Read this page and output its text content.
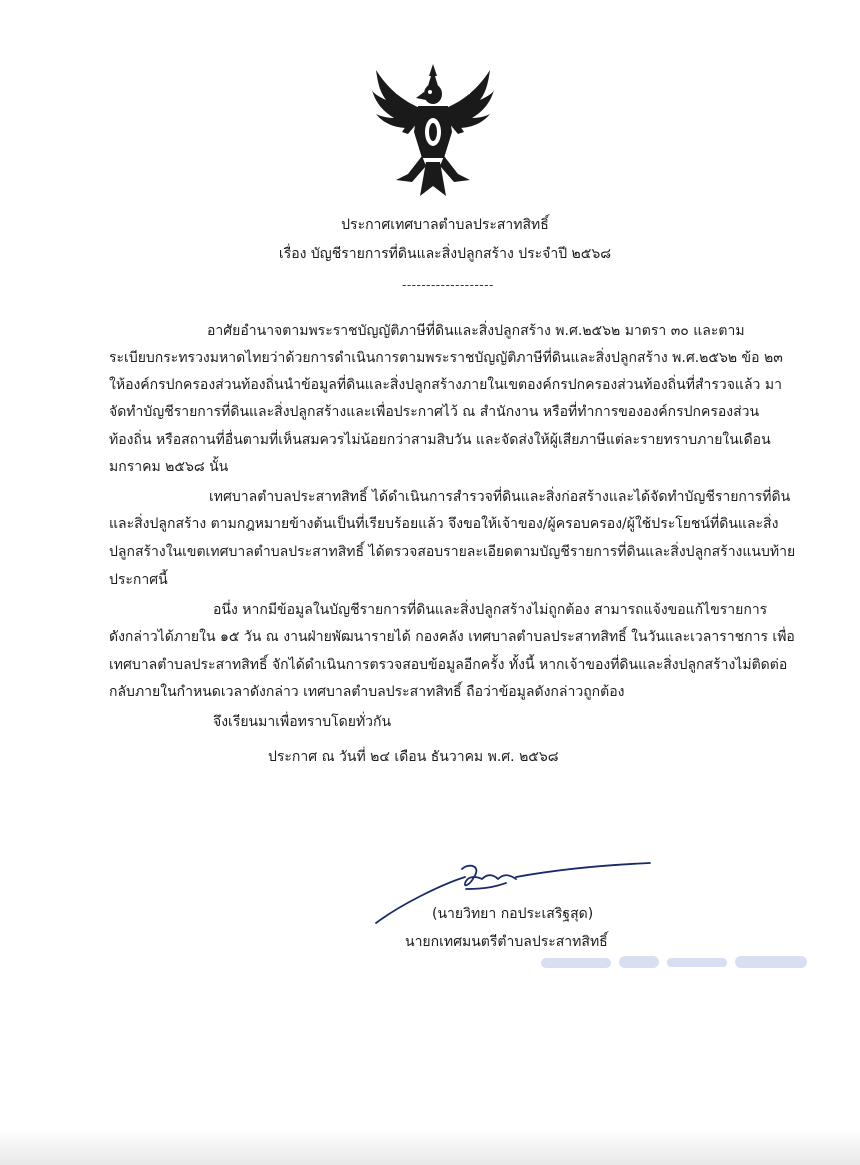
ประกาศเทศบาลตำบลประสาทสิทธิ์
เรื่อง บัญชีรายการที่ดินและสิ่งปลูกสร้าง ประจำปี ๒๕๖๘
-------------------
อาศัยอำนาจตามพระราชบัญญัติภาษีที่ดินและสิ่งปลูกสร้าง พ.ศ.๒๕๖๒ มาตรา ๓๐ และตาม
ระเบียบกระทรวงมหาดไทยว่าด้วยการดำเนินการตามพระราชบัญญัติภาษีที่ดินและสิ่งปลูกสร้าง พ.ศ.๒๕๖๒ ข้อ ๒๓
ให้องค์กรปกครองส่วนท้องถิ่นนำข้อมูลที่ดินและสิ่งปลูกสร้างภายในเขตองค์กรปกครองส่วนท้องถิ่นที่สำรวจแล้ว มา
จัดทำบัญชีรายการที่ดินและสิ่งปลูกสร้างและเพื่อประกาศไว้ ณ สำนักงาน หรือที่ทำการขององค์กรปกครองส่วน
ท้องถิ่น หรือสถานที่อื่นตามที่เห็นสมควรไม่น้อยกว่าสามสิบวัน และจัดส่งให้ผู้เสียภาษีแต่ละรายทราบภายในเดือน
มกราคม ๒๕๖๘ นั้น
เทศบาลตำบลประสาทสิทธิ์ ได้ดำเนินการสำรวจที่ดินและสิ่งก่อสร้างและได้จัดทำบัญชีรายการที่ดิน
และสิ่งปลูกสร้าง ตามกฎหมายข้างต้นเป็นที่เรียบร้อยแล้ว จึงขอให้เจ้าของ/ผู้ครอบครอง/ผู้ใช้ประโยชน์ที่ดินและสิ่ง
ปลูกสร้างในเขตเทศบาลตำบลประสาทสิทธิ์ ได้ตรวจสอบรายละเอียดตามบัญชีรายการที่ดินและสิ่งปลูกสร้างแนบท้าย
ประกาศนี้
อนึ่ง หากมีข้อมูลในบัญชีรายการที่ดินและสิ่งปลูกสร้างไม่ถูกต้อง สามารถแจ้งขอแก้ไขรายการ
ดังกล่าวได้ภายใน ๑๕ วัน ณ งานฝ่ายพัฒนารายได้ กองคลัง เทศบาลตำบลประสาทสิทธิ์ ในวันและเวลาราชการ เพื่อ
เทศบาลตำบลประสาทสิทธิ์ จักได้ดำเนินการตรวจสอบข้อมูลอีกครั้ง ทั้งนี้ หากเจ้าของที่ดินและสิ่งปลูกสร้างไม่ติดต่อ
กลับภายในกำหนดเวลาดังกล่าว เทศบาลตำบลประสาทสิทธิ์ ถือว่าข้อมูลดังกล่าวถูกต้อง
จึงเรียนมาเพื่อทราบโดยทั่วกัน
ประกาศ ณ วันที่ ๒๔ เดือน ธันวาคม พ.ศ. ๒๕๖๘
(นายวิทยา กอประเสริฐสุด)
นายกเทศมนตรีตำบลประสาทสิทธิ์
